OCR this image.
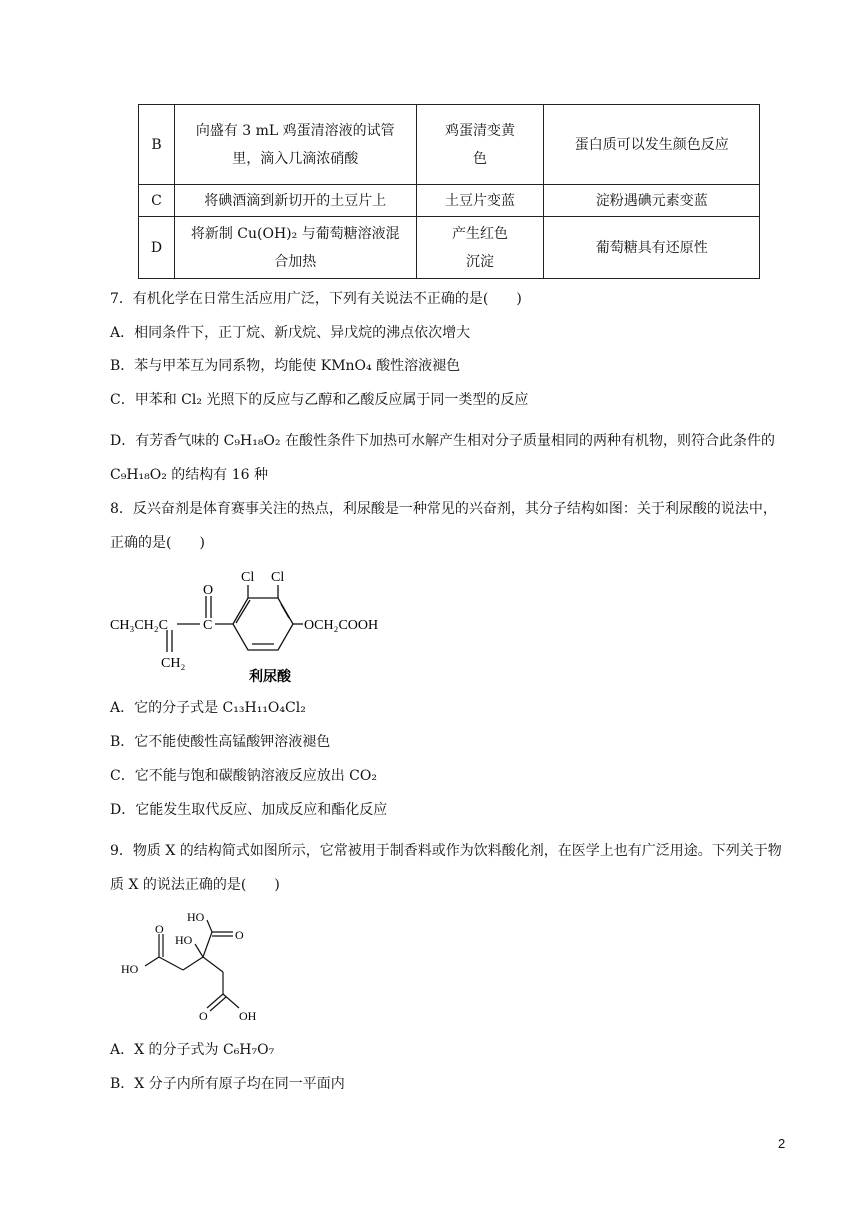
B	向盛有 3 mL 鸡蛋清溶液的试管里，滴入几滴浓硝酸	鸡蛋清变黄色	蛋白质可以发生颜色反应
C	将碘酒滴到新切开的土豆片上	土豆片变蓝	淀粉遇碘元素变蓝
D	将新制 Cu(OH)₂ 与葡萄糖溶液混合加热	产生红色沉淀	葡萄糖具有还原性
7．有机化学在日常生活应用广泛，下列有关说法不正确的是(　　)
A．相同条件下，正丁烷、新戊烷、异戊烷的沸点依次增大
B．苯与甲苯互为同系物，均能使 KMnO₄ 酸性溶液褪色
C．甲苯和 Cl₂ 光照下的反应与乙醇和乙酸反应属于同一类型的反应
D．有芳香气味的 C₉H₁₈O₂ 在酸性条件下加热可水解产生相对分子质量相同的两种有机物，则符合此条件的 C₉H₁₈O₂ 的结构有 16 种
8．反兴奋剂是体育赛事关注的热点，利尿酸是一种常见的兴奋剂，其分子结构如图：关于利尿酸的说法中，正确的是(　　)
CH₃CH₂C
CH₂
O
C
Cl Cl
OCH₂COOH
利尿酸
A．它的分子式是 C₁₃H₁₁O₄Cl₂
B．它不能使酸性高锰酸钾溶液褪色
C．它不能与饱和碳酸钠溶液反应放出 CO₂
D．它能发生取代反应、加成反应和酯化反应
9．物质 X 的结构简式如图所示，它常被用于制香料或作为饮料酸化剂，在医学上也有广泛用途。下列关于物质 X 的说法正确的是(　　)
HO
HO	O
O
HO
O	OH
A．X 的分子式为 C₆H₇O₇
B．X 分子内所有原子均在同一平面内
2
